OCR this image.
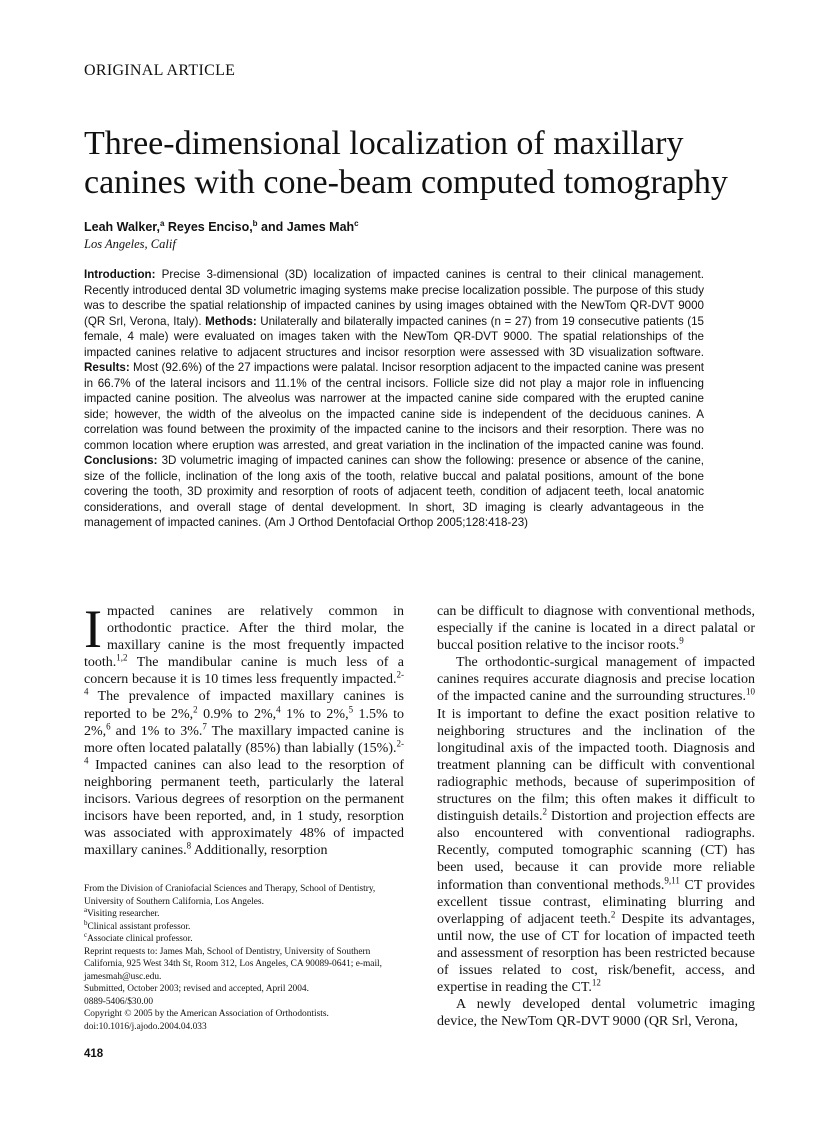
ORIGINAL ARTICLE
Three-dimensional localization of maxillary
canines with cone-beam computed tomography
Leah Walker,$^a$ Reyes Enciso,$^b$ and James Mah$^c$
Los Angeles, Calif
Introduction: Precise 3-dimensional (3D) localization of impacted canines is central to their clinical management. Recently introduced dental 3D volumetric imaging systems make precise localization possible. The purpose of this study was to describe the spatial relationship of impacted canines by using images obtained with the NewTom QR-DVT 9000 (QR Srl, Verona, Italy). Methods: Unilaterally and bilaterally impacted canines (n = 27) from 19 consecutive patients (15 female, 4 male) were evaluated on images taken with the NewTom QR-DVT 9000. The spatial relationships of the impacted canines relative to adjacent structures and incisor resorption were assessed with 3D visualization software. Results: Most (92.6%) of the 27 impactions were palatal. Incisor resorption adjacent to the impacted canine was present in 66.7% of the lateral incisors and 11.1% of the central incisors. Follicle size did not play a major role in influencing impacted canine position. The alveolus was narrower at the impacted canine side compared with the erupted canine side; however, the width of the alveolus on the impacted canine side is independent of the deciduous canines. A correlation was found between the proximity of the impacted canine to the incisors and their resorption. There was no common location where eruption was arrested, and great variation in the inclination of the impacted canine was found. Conclusions: 3D volumetric imaging of impacted canines can show the following: presence or absence of the canine, size of the follicle, inclination of the long axis of the tooth, relative buccal and palatal positions, amount of the bone covering the tooth, 3D proximity and resorption of roots of adjacent teeth, condition of adjacent teeth, local anatomic considerations, and overall stage of dental development. In short, 3D imaging is clearly advantageous in the management of impacted canines. (Am J Orthod Dentofacial Orthop 2005;128:418-23)

Impacted canines are relatively common in orthodontic practice. After the third molar, the maxillary canine is the most frequently impacted tooth.$^{1,2}$ The mandibular canine is much less of a concern because it is 10 times less frequently impacted.$^{2-4}$ The prevalence of impacted maxillary canines is reported to be 2%,$^2$ 0.9% to 2%,$^4$ 1% to 2%,$^5$ 1.5% to 2%,$^6$ and 1% to 3%.$^7$ The maxillary impacted canine is more often located palatally (85%) than labially (15%).$^{2-4}$ Impacted canines can also lead to the resorption of neighboring permanent teeth, particularly the lateral incisors. Various degrees of resorption on the permanent incisors have been reported, and, in 1 study, resorption was associated with approximately 48% of impacted maxillary canines.$^8$ Additionally, resorption

can be difficult to diagnose with conventional methods, especially if the canine is located in a direct palatal or buccal position relative to the incisor roots.$^9$

The orthodontic-surgical management of impacted canines requires accurate diagnosis and precise location of the impacted canine and the surrounding structures.$^{10}$ It is important to define the exact position relative to neighboring structures and the inclination of the longitudinal axis of the impacted tooth. Diagnosis and treatment planning can be difficult with conventional radiographic methods, because of superimposition of structures on the film; this often makes it difficult to distinguish details.$^2$ Distortion and projection effects are also encountered with conventional radiographs. Recently, computed tomographic scanning (CT) has been used, because it can provide more reliable information than conventional methods.$^{9,11}$ CT provides excellent tissue contrast, eliminating blurring and overlapping of adjacent teeth.$^2$ Despite its advantages, until now, the use of CT for location of impacted teeth and assessment of resorption has been restricted because of issues related to cost, risk/benefit, access, and expertise in reading the CT.$^{12}$

A newly developed dental volumetric imaging device, the NewTom QR-DVT 9000 (QR Srl, Verona,

From the Division of Craniofacial Sciences and Therapy, School of Dentistry, University of Southern California, Los Angeles.
$^a$Visiting researcher.
$^b$Clinical assistant professor.
$^c$Associate clinical professor.
Reprint requests to: James Mah, School of Dentistry, University of Southern California, 925 West 34th St, Room 312, Los Angeles, CA 90089-0641; e-mail, jamesmah@usc.edu.
Submitted, October 2003; revised and accepted, April 2004.
0889-5406/$30.00
Copyright © 2005 by the American Association of Orthodontists.
doi:10.1016/j.ajodo.2004.04.033
418
